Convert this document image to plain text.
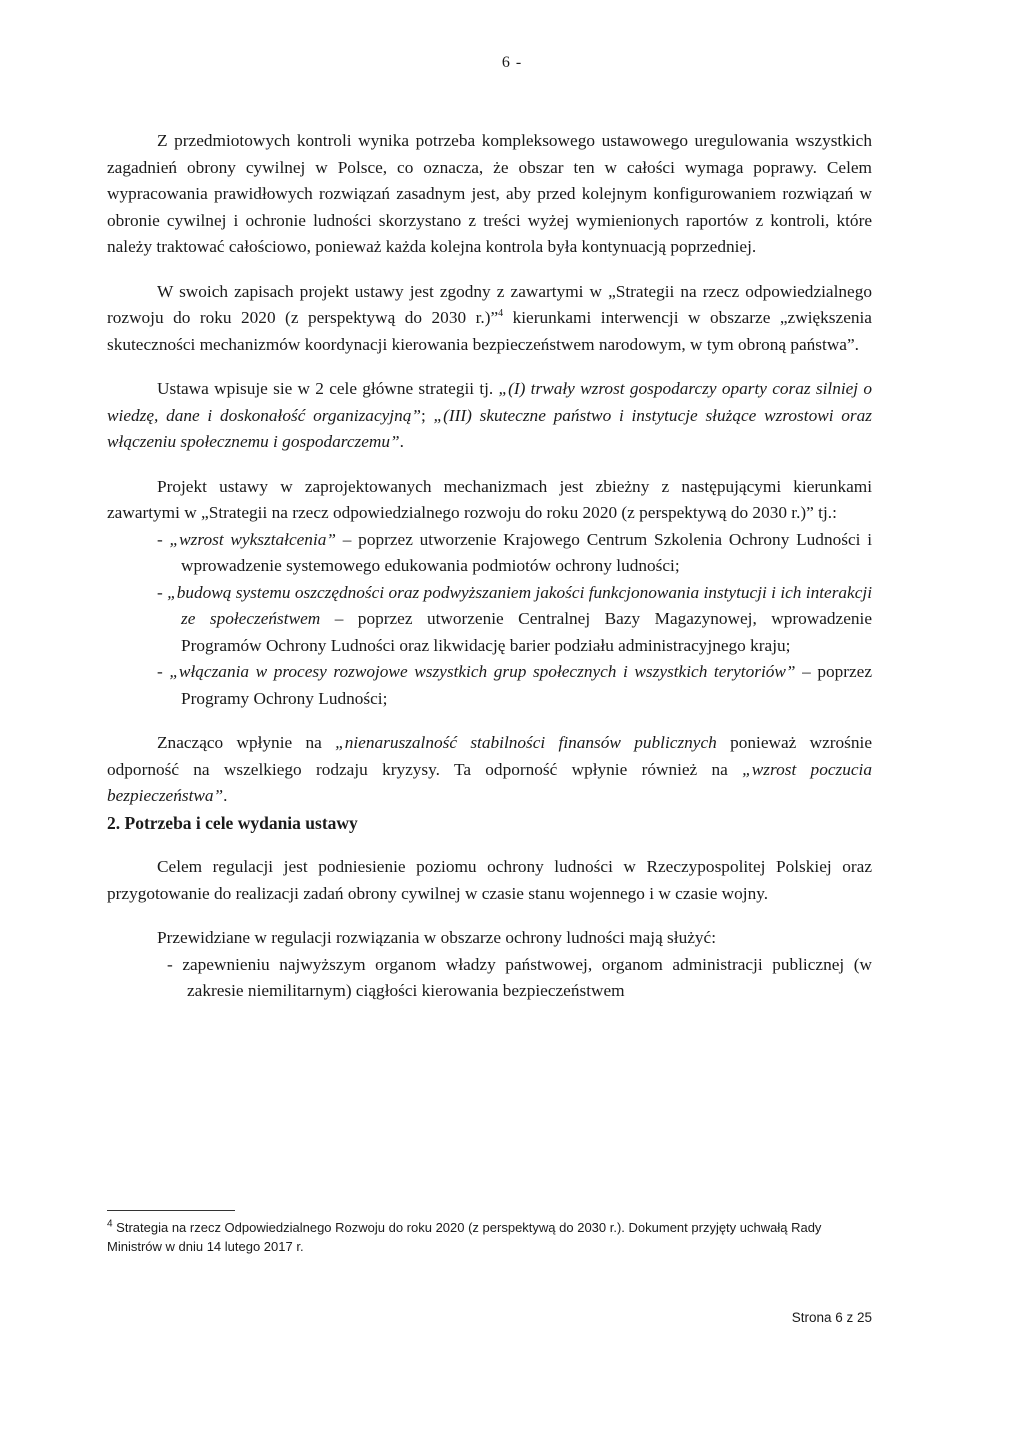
6 -

Z przedmiotowych kontroli wynika potrzeba kompleksowego ustawowego uregulowania wszystkich zagadnień obrony cywilnej w Polsce, co oznacza, że obszar ten w całości wymaga poprawy. Celem wypracowania prawidłowych rozwiązań zasadnym jest, aby przed kolejnym konfigurowaniem rozwiązań w obronie cywilnej i ochronie ludności skorzystano z treści wyżej wymienionych raportów z kontroli, które należy traktować całościowo, ponieważ każda kolejna kontrola była kontynuacją poprzedniej.

W swoich zapisach projekt ustawy jest zgodny z zawartymi w „Strategii na rzecz odpowiedzialnego rozwoju do roku 2020 (z perspektywą do 2030 r.)”$^4$ kierunkami interwencji w obszarze „zwiększenia skuteczności mechanizmów koordynacji kierowania bezpieczeństwem narodowym, w tym obroną państwa”.

Ustawa wpisuje sie w 2 cele główne strategii tj. „(I) trwały wzrost gospodarczy oparty coraz silniej o wiedzę, dane i doskonałość organizacyjną”; „(III) skuteczne państwo i instytucje służące wzrostowi oraz włączeniu społecznemu i gospodarczemu”.

Projekt ustawy w zaprojektowanych mechanizmach jest zbieżny z następującymi kierunkami zawartymi w „Strategii na rzecz odpowiedzialnego rozwoju do roku 2020 (z perspektywą do 2030 r.)” tj.:

- „wzrost wykształcenia” – poprzez utworzenie Krajowego Centrum Szkolenia Ochrony Ludności i wprowadzenie systemowego edukowania podmiotów ochrony ludności;

- „budową systemu oszczędności oraz podwyższaniem jakości funkcjonowania instytucji i ich interakcji ze społeczeństwem – poprzez utworzenie Centralnej Bazy Magazynowej, wprowadzenie Programów Ochrony Ludności oraz likwidację barier podziału administracyjnego kraju;

- „włączania w procesy rozwojowe wszystkich grup społecznych i wszystkich terytoriów” – poprzez Programy Ochrony Ludności;

Znacząco wpłynie na „nienaruszalność stabilności finansów publicznych ponieważ wzrośnie odporność na wszelkiego rodzaju kryzysy. Ta odporność wpłynie również na „wzrost poczucia bezpieczeństwa”.

2. Potrzeba i cele wydania ustawy

Celem regulacji jest podniesienie poziomu ochrony ludności w Rzeczypospolitej Polskiej oraz przygotowanie do realizacji zadań obrony cywilnej w czasie stanu wojennego i w czasie wojny.

Przewidziane w regulacji rozwiązania w obszarze ochrony ludności mają służyć:

- zapewnieniu najwyższym organom władzy państwowej, organom administracji publicznej (w zakresie niemilitarnym) ciągłości kierowania bezpieczeństwem

$^4$ Strategia na rzecz Odpowiedzialnego Rozwoju do roku 2020 (z perspektywą do 2030 r.). Dokument przyjęty uchwałą Rady Ministrów w dniu 14 lutego 2017 r.
Strona 6 z 25
